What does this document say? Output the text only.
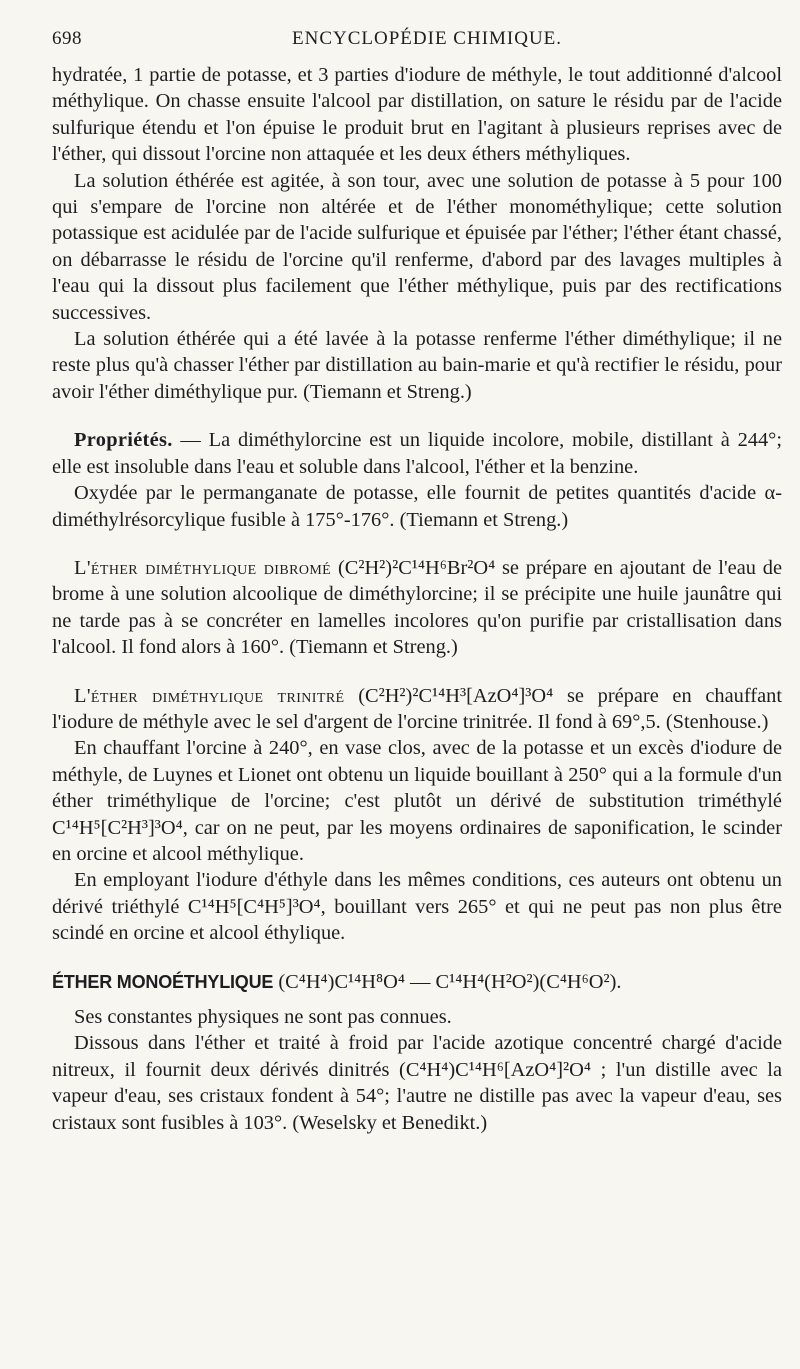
698	ENCYCLOPÉDIE CHIMIQUE.

hydratée, 1 partie de potasse, et 3 parties d'iodure de méthyle, le tout additionné d'alcool méthylique. On chasse ensuite l'alcool par distillation, on sature le résidu par de l'acide sulfurique étendu et l'on épuise le produit brut en l'agitant à plusieurs reprises avec de l'éther, qui dissout l'orcine non attaquée et les deux éthers méthyliques.

La solution éthérée est agitée, à son tour, avec une solution de potasse à 5 pour 100 qui s'empare de l'orcine non altérée et de l'éther monométhylique; cette solution potassique est acidulée par de l'acide sulfurique et épuisée par l'éther; l'éther étant chassé, on débarrasse le résidu de l'orcine qu'il renferme, d'abord par des lavages multiples à l'eau qui la dissout plus facilement que l'éther méthylique, puis par des rectifications successives.

La solution éthérée qui a été lavée à la potasse renferme l'éther diméthylique; il ne reste plus qu'à chasser l'éther par distillation au bain-marie et qu'à rectifier le résidu, pour avoir l'éther diméthylique pur. (Tiemann et Streng.)

Propriétés. — La diméthylorcine est un liquide incolore, mobile, distillant à 244°; elle est insoluble dans l'eau et soluble dans l'alcool, l'éther et la benzine.

Oxydée par le permanganate de potasse, elle fournit de petites quantités d'acide α-diméthylrésorcylique fusible à 175°-176°. (Tiemann et Streng.)

L'éther diméthylique dibromé (C²H²)²C¹⁴H⁶Br²O⁴ se prépare en ajoutant de l'eau de brome à une solution alcoolique de diméthylorcine; il se précipite une huile jaunâtre qui ne tarde pas à se concréter en lamelles incolores qu'on purifie par cristallisation dans l'alcool. Il fond alors à 160°. (Tiemann et Streng.)

L'éther diméthylique trinitré (C²H²)²C¹⁴H³[AzO⁴]³O⁴ se prépare en chauffant l'iodure de méthyle avec le sel d'argent de l'orcine trinitrée. Il fond à 69°,5. (Stenhouse.)

En chauffant l'orcine à 240°, en vase clos, avec de la potasse et un excès d'iodure de méthyle, de Luynes et Lionet ont obtenu un liquide bouillant à 250° qui a la formule d'un éther triméthylique de l'orcine; c'est plutôt un dérivé de substitution triméthylé C¹⁴H⁵[C²H³]³O⁴, car on ne peut, par les moyens ordinaires de saponification, le scinder en orcine et alcool méthylique.

En employant l'iodure d'éthyle dans les mêmes conditions, ces auteurs ont obtenu un dérivé triéthylé C¹⁴H⁵[C⁴H⁵]³O⁴, bouillant vers 265° et qui ne peut pas non plus être scindé en orcine et alcool éthylique.

ÉTHER MONOÉTHYLIQUE (C⁴H⁴)C¹⁴H⁸O⁴ — C¹⁴H⁴(H²O²)(C⁴H⁶O²).

Ses constantes physiques ne sont pas connues.

Dissous dans l'éther et traité à froid par l'acide azotique concentré chargé d'acide nitreux, il fournit deux dérivés dinitrés (C⁴H⁴)C¹⁴H⁶[AzO⁴]²O⁴ ; l'un distille avec la vapeur d'eau, ses cristaux fondent à 54°; l'autre ne distille pas avec la vapeur d'eau, ses cristaux sont fusibles à 103°. (Weselsky et Benedikt.)
